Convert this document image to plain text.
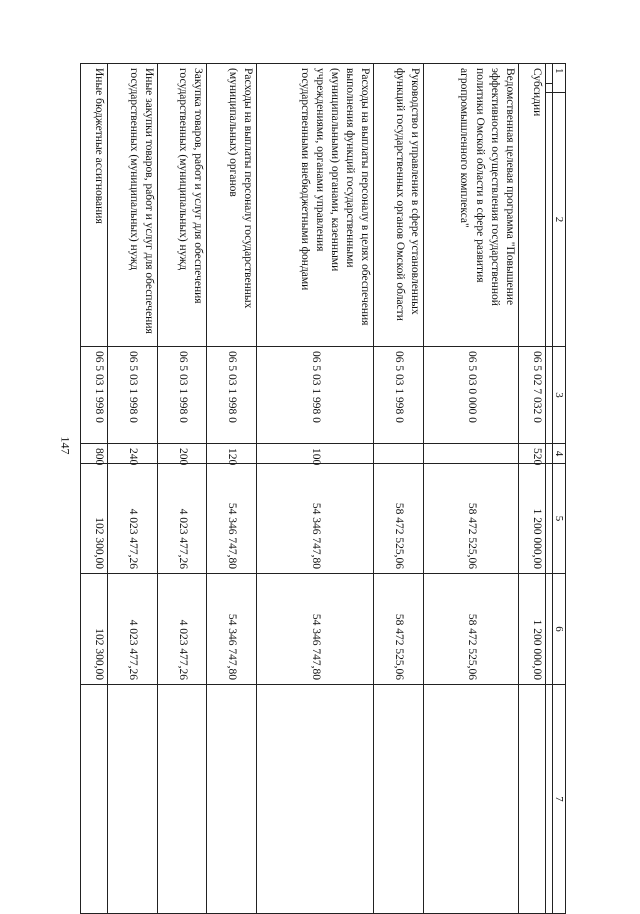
147
1		2	3	4	5	6	7

Субсидии			06 5 02 7 032 0	520	1 200 000,00	1 200 000,00	
Ведомственная целевая программа "Повышение эффективности осуществления государственной политики Омской области в сфере развития агропромышленного комплекса"			06 5 03 0 000 0		58 472 525,06	58 472 525,06	
Руководство и управление в сфере установленных функций государственных органов Омской области			06 5 03 1 998 0		58 472 525,06	58 472 525,06	
Расходы на выплаты персоналу в целях обеспечения выполнения функций государственными (муниципальными) органами, казенными учреждениями, органами управления государственными внебюджетными фондами			06 5 03 1 998 0	100	54 346 747,80	54 346 747,80	
Расходы на выплаты персоналу государственных (муниципальных) органов			06 5 03 1 998 0	120	54 346 747,80	54 346 747,80	
Закупка товаров, работ и услуг для обеспечения государственных (муниципальных) нужд			06 5 03 1 998 0	200	4 023 477,26	4 023 477,26	
Иные закупки товаров, работ и услуг для обеспечения государственных (муниципальных) нужд			06 5 03 1 998 0	240	4 023 477,26	4 023 477,26	
Иные бюджетные ассигнования			06 5 03 1 998 0	800	102 300,00	102 300,00	
